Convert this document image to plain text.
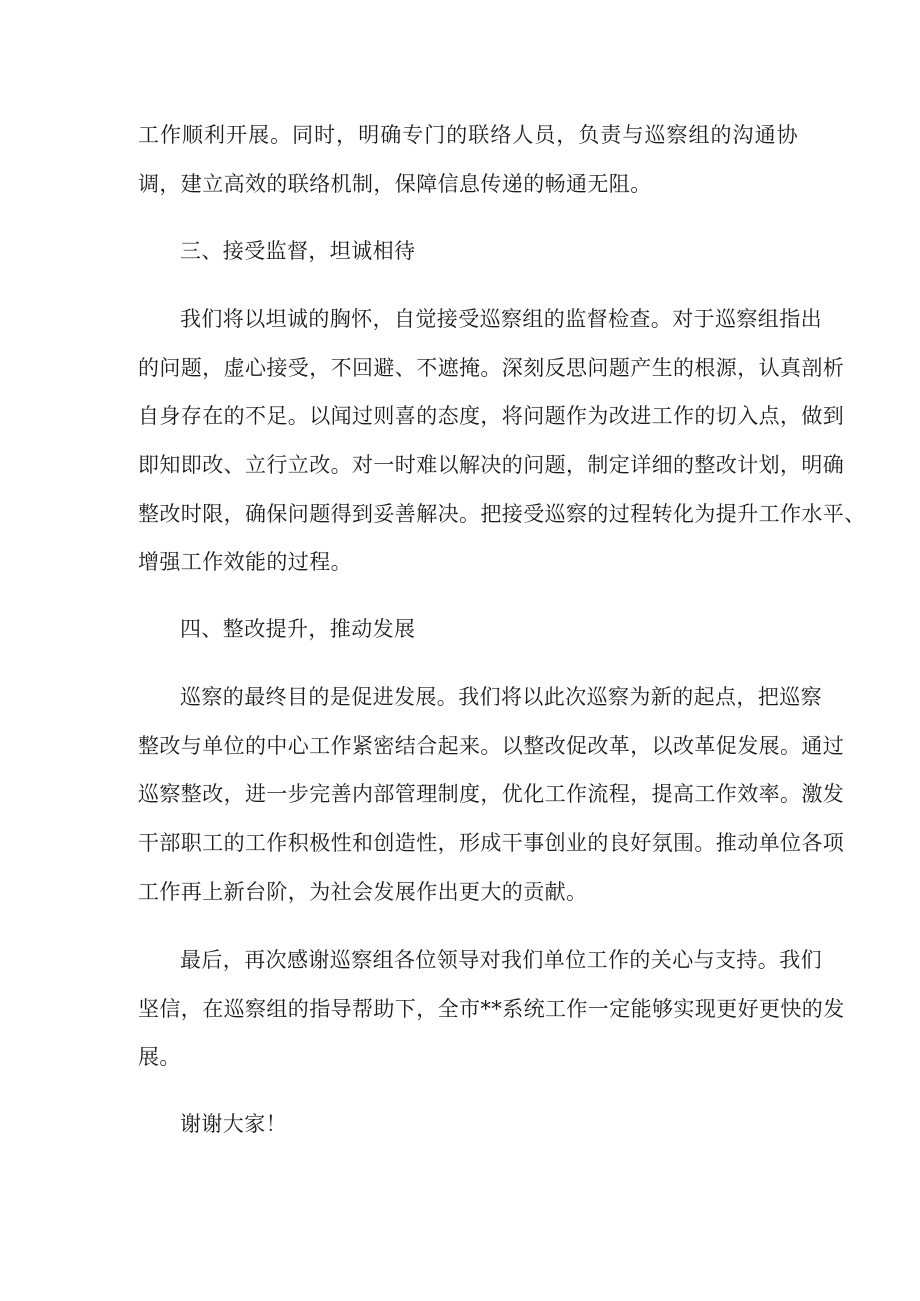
工作顺利开展。同时，明确专门的联络人员，负责与巡察组的沟通协
调，建立高效的联络机制，保障信息传递的畅通无阻。
三、接受监督，坦诚相待
我们将以坦诚的胸怀，自觉接受巡察组的监督检查。对于巡察组指出
的问题，虚心接受，不回避、不遮掩。深刻反思问题产生的根源，认真剖析
自身存在的不足。以闻过则喜的态度，将问题作为改进工作的切入点，做到
即知即改、立行立改。对一时难以解决的问题，制定详细的整改计划，明确
整改时限，确保问题得到妥善解决。把接受巡察的过程转化为提升工作水平、
增强工作效能的过程。
四、整改提升，推动发展
巡察的最终目的是促进发展。我们将以此次巡察为新的起点，把巡察
整改与单位的中心工作紧密结合起来。以整改促改革，以改革促发展。通过
巡察整改，进一步完善内部管理制度，优化工作流程，提高工作效率。激发
干部职工的工作积极性和创造性，形成干事创业的良好氛围。推动单位各项
工作再上新台阶，为社会发展作出更大的贡献。
最后，再次感谢巡察组各位领导对我们单位工作的关心与支持。我们
坚信，在巡察组的指导帮助下，全市**系统工作一定能够实现更好更快的发
展。
谢谢大家！
